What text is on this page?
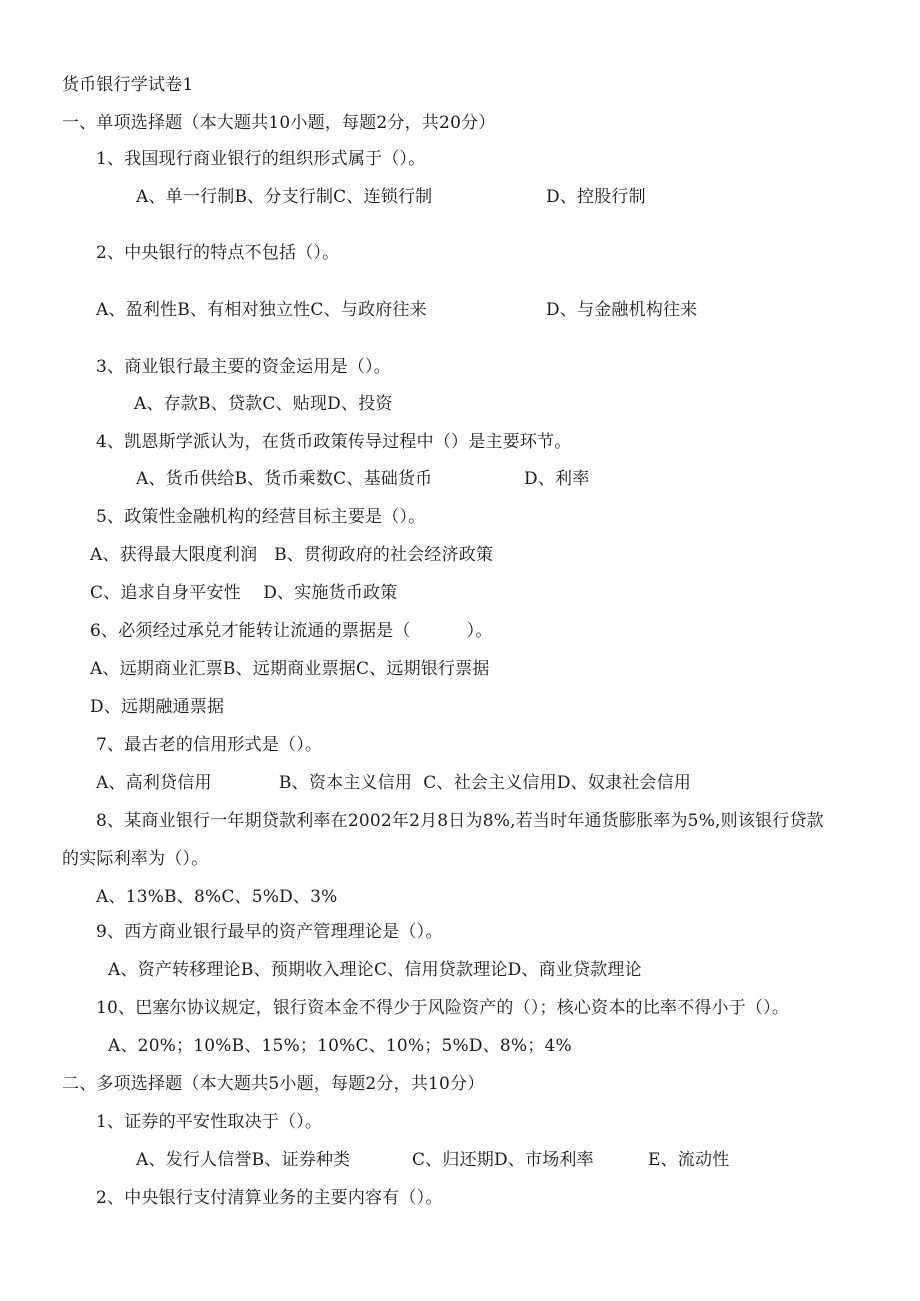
货币银行学试卷1
一、单项选择题（本大题共10小题，每题2分，共20分）
1、我国现行商业银行的组织形式属于（）。
A、单一行制B、分支行制C、连锁行制	D、控股行制
2、中央银行的特点不包括（）。
A、盈利性B、有相对独立性C、与政府往来	D、与金融机构往来
3、商业银行最主要的资金运用是（）。
A、存款B、贷款C、贴现D、投资
4、凯恩斯学派认为，在货币政策传导过程中（）是主要环节。
A、货币供给B、货币乘数C、基础货币	D、利率
5、政策性金融机构的经营目标主要是（）。
A、获得最大限度利润   B、贯彻政府的社会经济政策
C、追求自身平安性    D、实施货币政策
6、必须经过承兑才能转让流通的票据是（          ）。
A、远期商业汇票B、远期商业票据C、远期银行票据
D、远期融通票据
7、最古老的信用形式是（）。
A、高利贷信用            B、资本主义信用  C、社会主义信用D、奴隶社会信用
8、某商业银行一年期贷款利率在2002年2月8日为8%,若当时年通货膨胀率为5%,则该银行贷款
的实际利率为（）。
A、13%B、8%C、5%D、3%
9、西方商业银行最早的资产管理理论是（）。
A、资产转移理论B、预期收入理论C、信用贷款理论D、商业贷款理论
10、巴塞尔协议规定，银行资本金不得少于风险资产的（）；核心资本的比率不得小于（）。
A、20%；10%B、15%；10%C、10%；5%D、8%；4%
二、多项选择题（本大题共5小题，每题2分，共10分）
1、证券的平安性取决于（）。
A、发行人信誉B、证券种类	C、归还期D、市场利率	E、流动性
2、中央银行支付清算业务的主要内容有（）。
